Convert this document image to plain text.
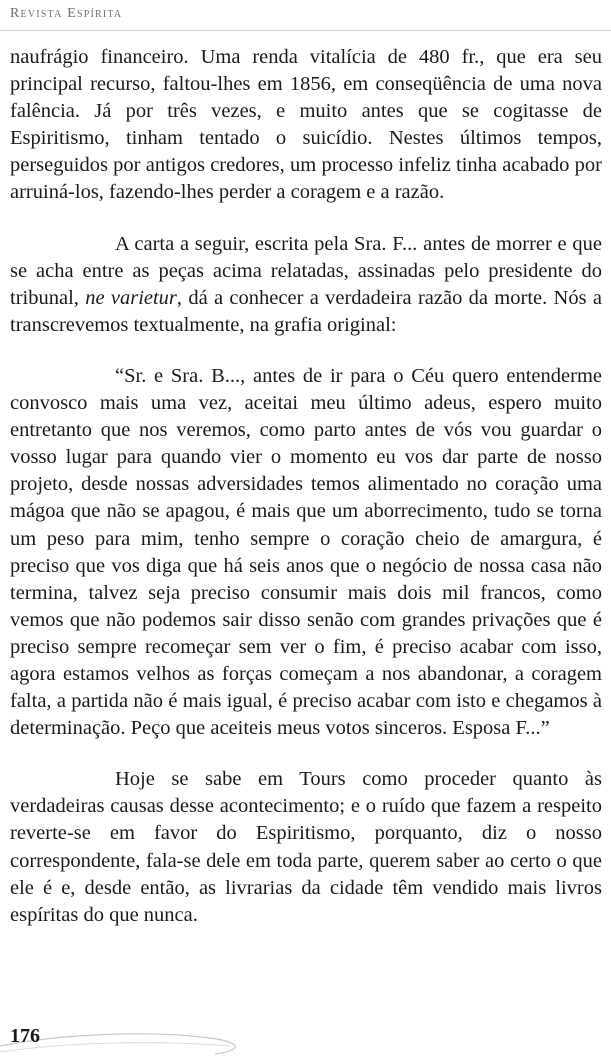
Revista Espírita

naufrágio financeiro. Uma renda vitalícia de 480 fr., que era seu principal recurso, faltou-lhes em 1856, em conseqüência de uma nova falência. Já por três vezes, e muito antes que se cogitasse de Espiritismo, tinham tentado o suicídio. Nestes últimos tempos, perseguidos por antigos credores, um processo infeliz tinha acabado por arruiná-los, fazendo-lhes perder a coragem e a razão.

A carta a seguir, escrita pela Sra. F... antes de morrer e que se acha entre as peças acima relatadas, assinadas pelo presidente do tribunal, ne varietur, dá a conhecer a verdadeira razão da morte. Nós a transcrevemos textualmente, na grafia original:

“Sr. e Sra. B..., antes de ir para o Céu quero entenderme convosco mais uma vez, aceitai meu último adeus, espero muito entretanto que nos veremos, como parto antes de vós vou guardar o vosso lugar para quando vier o momento eu vos dar parte de nosso projeto, desde nossas adversidades temos alimentado no coração uma mágoa que não se apagou, é mais que um aborrecimento, tudo se torna um peso para mim, tenho sempre o coração cheio de amargura, é preciso que vos diga que há seis anos que o negócio de nossa casa não termina, talvez seja preciso consumir mais dois mil francos, como vemos que não podemos sair disso senão com grandes privações que é preciso sempre recomeçar sem ver o fim, é preciso acabar com isso, agora estamos velhos as forças começam a nos abandonar, a coragem falta, a partida não é mais igual, é preciso acabar com isto e chegamos à determinação. Peço que aceiteis meus votos sinceros. Esposa F...”

Hoje se sabe em Tours como proceder quanto às verdadeiras causas desse acontecimento; e o ruído que fazem a respeito reverte-se em favor do Espiritismo, porquanto, diz o nosso correspondente, fala-se dele em toda parte, querem saber ao certo o que ele é e, desde então, as livrarias da cidade têm vendido mais livros espíritas do que nunca.

176
